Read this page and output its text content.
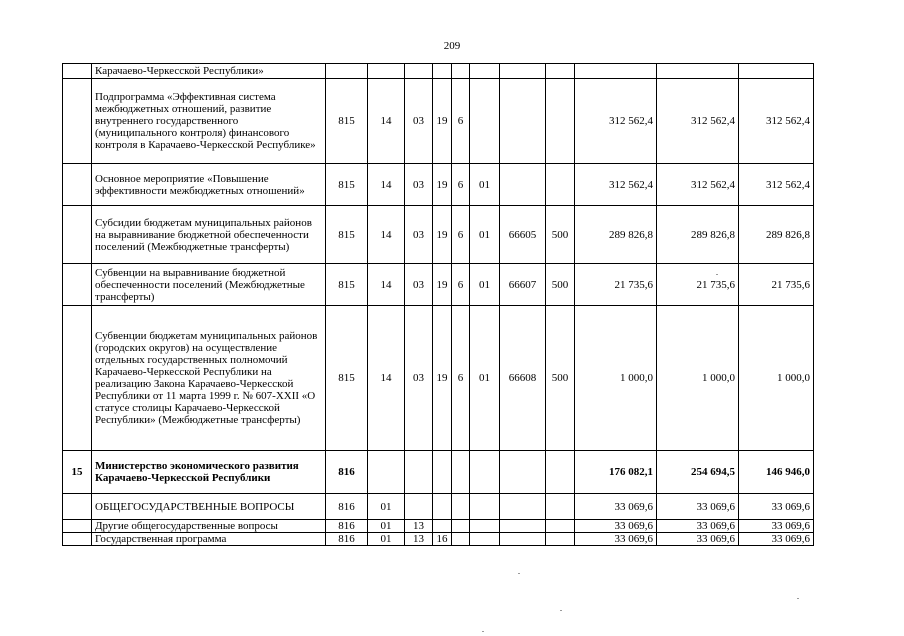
209
	Карачаево-Черкесской Республики»											
	Подпрограмма «Эффективная система межбюджетных отношений, развитие внутреннего государственного (муниципального контроля) финансового контроля в Карачаево-Черкесской Республике»	815	14	03	19	6				312 562,4	312 562,4	312 562,4
	Основное мероприятие «Повышение эффективности межбюджетных отношений»	815	14	03	19	6	01			312 562,4	312 562,4	312 562,4
	Субсидии бюджетам муниципальных районов на выравнивание бюджетной обеспеченности поселений (Межбюджетные трансферты)	815	14	03	19	6	01	66605	500	289 826,8	289 826,8	289 826,8
	Субвенции на выравнивание бюджетной обеспеченности поселений (Межбюджетные трансферты)	815	14	03	19	6	01	66607	500	21 735,6	21 735,6	21 735,6
	Субвенции бюджетам муниципальных районов (городских округов) на осуществление отдельных государственных полномочий Карачаево-Черкесской Республики на реализацию Закона Карачаево-Черкесской Республики от 11 марта 1999 г. № 607-XXII «О статусе столицы Карачаево-Черкесской Республики» (Межбюджетные трансферты)	815	14	03	19	6	01	66608	500	1 000,0	1 000,0	1 000,0
15	Министерство экономического развития Карачаево-Черкесской Республики	816								176 082,1	254 694,5	146 946,0
	ОБЩЕГОСУДАРСТВЕННЫЕ ВОПРОСЫ	816	01							33 069,6	33 069,6	33 069,6
	Другие общегосударственные вопросы	816	01	13						33 069,6	33 069,6	33 069,6
	Государственная программа	816	01	13	16					33 069,6	33 069,6	33 069,6
